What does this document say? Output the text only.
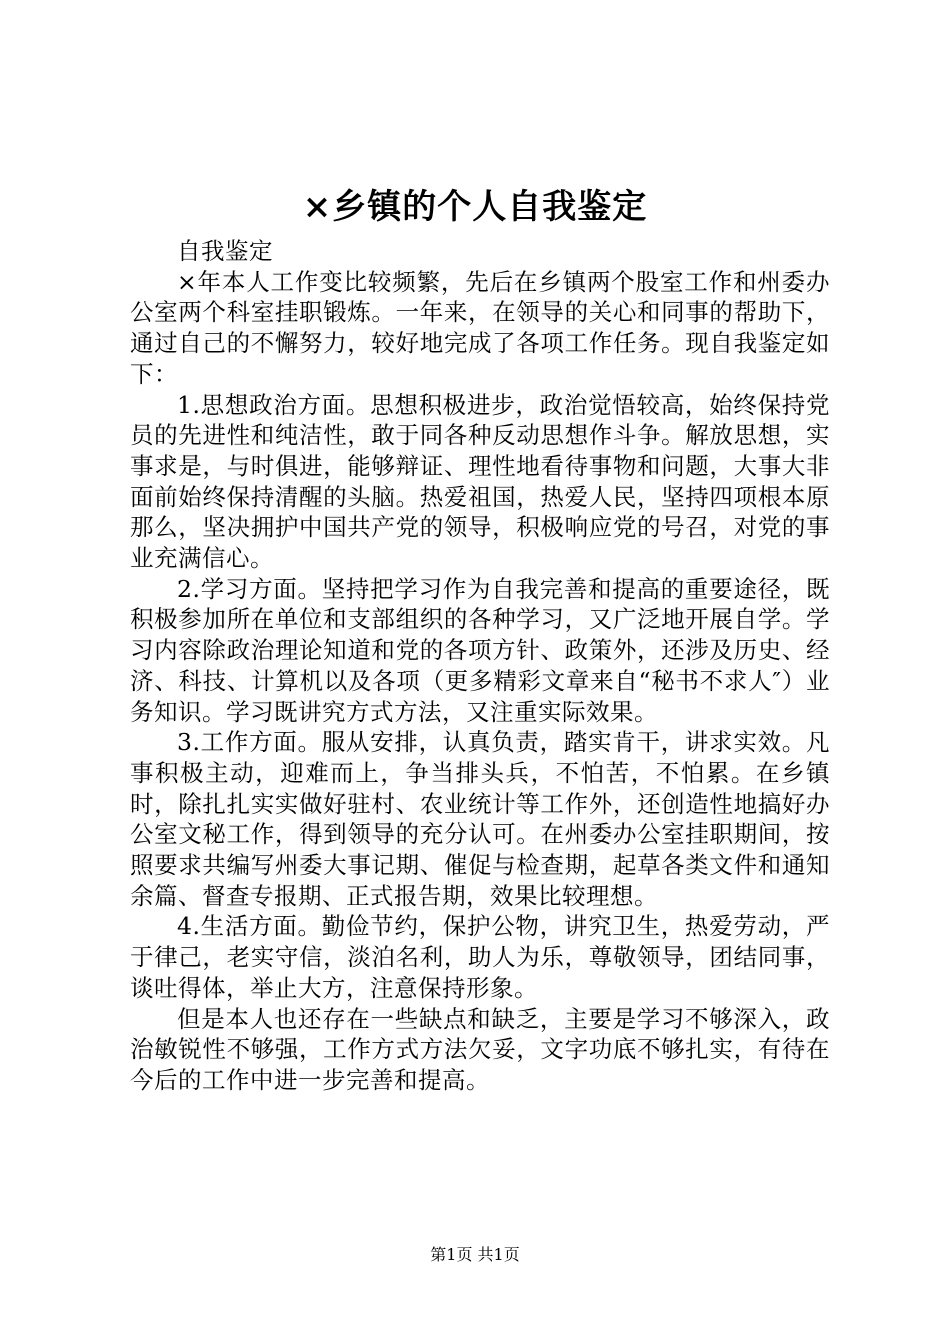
×乡镇的个人自我鉴定

自我鉴定

×年本人工作变比较频繁，先后在乡镇两个股室工作和州委办公室两个科室挂职锻炼。一年来，在领导的关心和同事的帮助下，通过自己的不懈努力，较好地完成了各项工作任务。现自我鉴定如下：

1.思想政治方面。思想积极进步，政治觉悟较高，始终保持党员的先进性和纯洁性，敢于同各种反动思想作斗争。解放思想，实事求是，与时俱进，能够辩证、理性地看待事物和问题，大事大非面前始终保持清醒的头脑。热爱祖国，热爱人民，坚持四项根本原那么，坚决拥护中国共产党的领导，积极响应党的号召，对党的事业充满信心。

2.学习方面。坚持把学习作为自我完善和提高的重要途径，既积极参加所在单位和支部组织的各种学习，又广泛地开展自学。学习内容除政治理论知道和党的各项方针、政策外，还涉及历史、经济、科技、计算机以及各项（更多精彩文章来自“秘书不求人″）业务知识。学习既讲究方式方法，又注重实际效果。

3.工作方面。服从安排，认真负责，踏实肯干，讲求实效。凡事积极主动，迎难而上，争当排头兵，不怕苦，不怕累。在乡镇时，除扎扎实实做好驻村、农业统计等工作外，还创造性地搞好办公室文秘工作，得到领导的充分认可。在州委办公室挂职期间，按照要求共编写州委大事记期、催促与检查期，起草各类文件和通知余篇、督查专报期、正式报告期，效果比较理想。

4.生活方面。勤俭节约，保护公物，讲究卫生，热爱劳动，严于律己，老实守信，淡泊名利，助人为乐，尊敬领导，团结同事，谈吐得体，举止大方，注意保持形象。

但是本人也还存在一些缺点和缺乏，主要是学习不够深入，政治敏锐性不够强，工作方式方法欠妥，文字功底不够扎实，有待在今后的工作中进一步完善和提高。

第1页 共1页
